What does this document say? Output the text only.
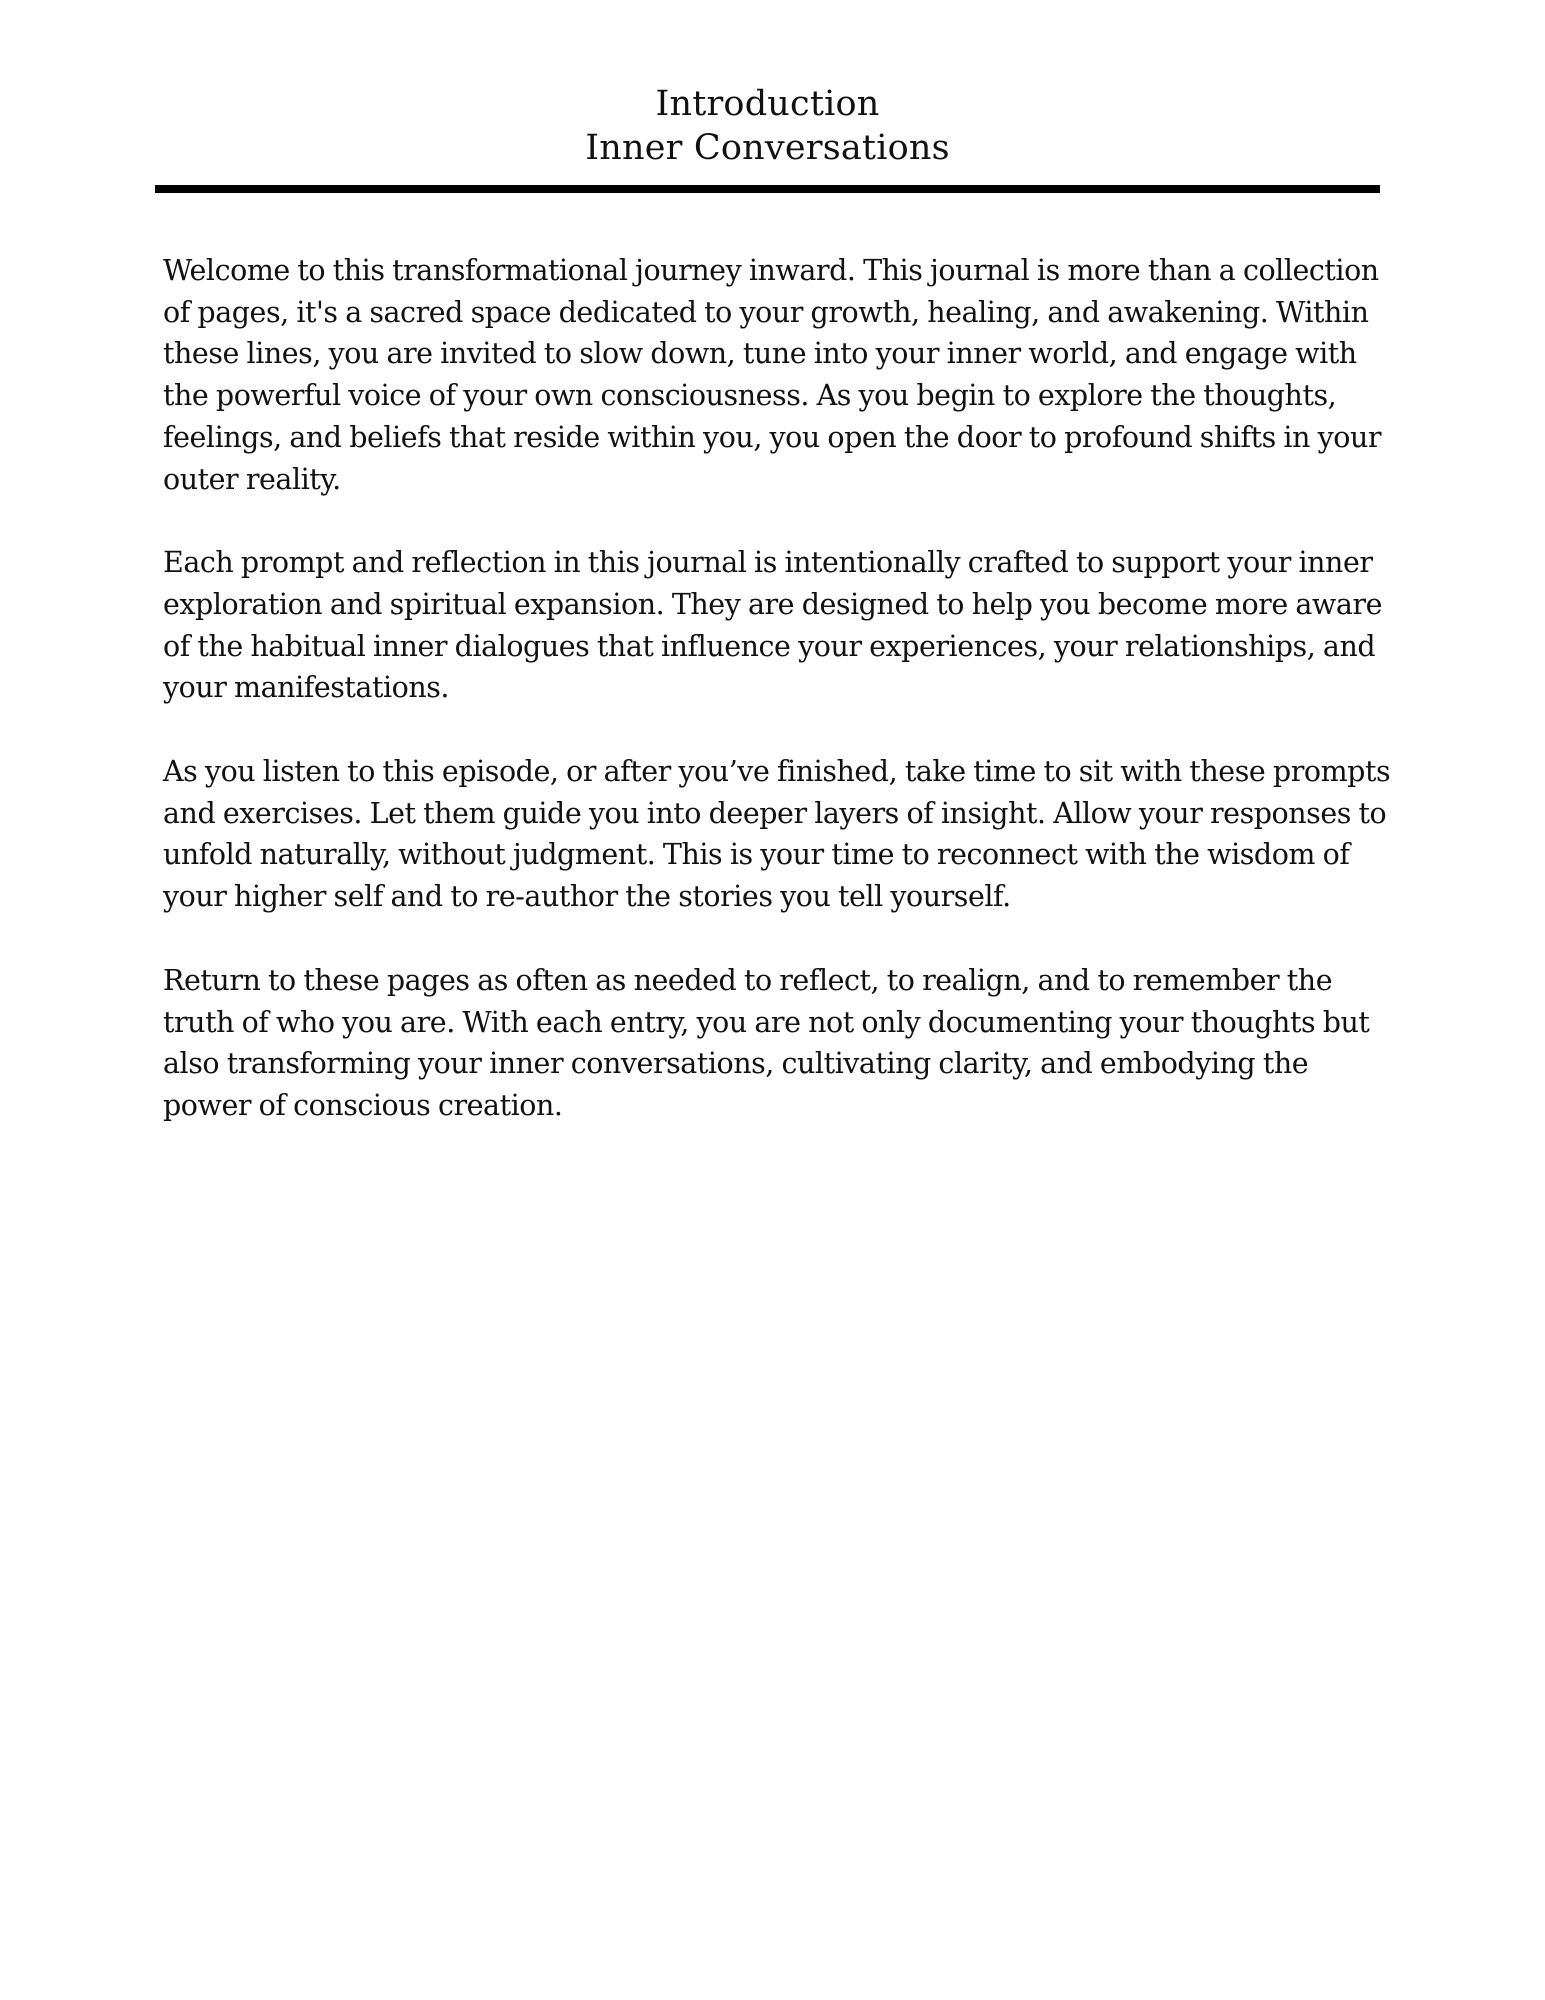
Introduction
Inner Conversations

Welcome to this transformational journey inward. This journal is more than a collection of pages, it's a sacred space dedicated to your growth, healing, and awakening. Within these lines, you are invited to slow down, tune into your inner world, and engage with the powerful voice of your own consciousness. As you begin to explore the thoughts, feelings, and beliefs that reside within you, you open the door to profound shifts in your outer reality.

Each prompt and reflection in this journal is intentionally crafted to support your inner exploration and spiritual expansion. They are designed to help you become more aware of the habitual inner dialogues that influence your experiences, your relationships, and your manifestations.

As you listen to this episode, or after you’ve finished, take time to sit with these prompts and exercises. Let them guide you into deeper layers of insight. Allow your responses to unfold naturally, without judgment. This is your time to reconnect with the wisdom of your higher self and to re-author the stories you tell yourself.

Return to these pages as often as needed to reflect, to realign, and to remember the truth of who you are. With each entry, you are not only documenting your thoughts but also transforming your inner conversations, cultivating clarity, and embodying the power of conscious creation.
